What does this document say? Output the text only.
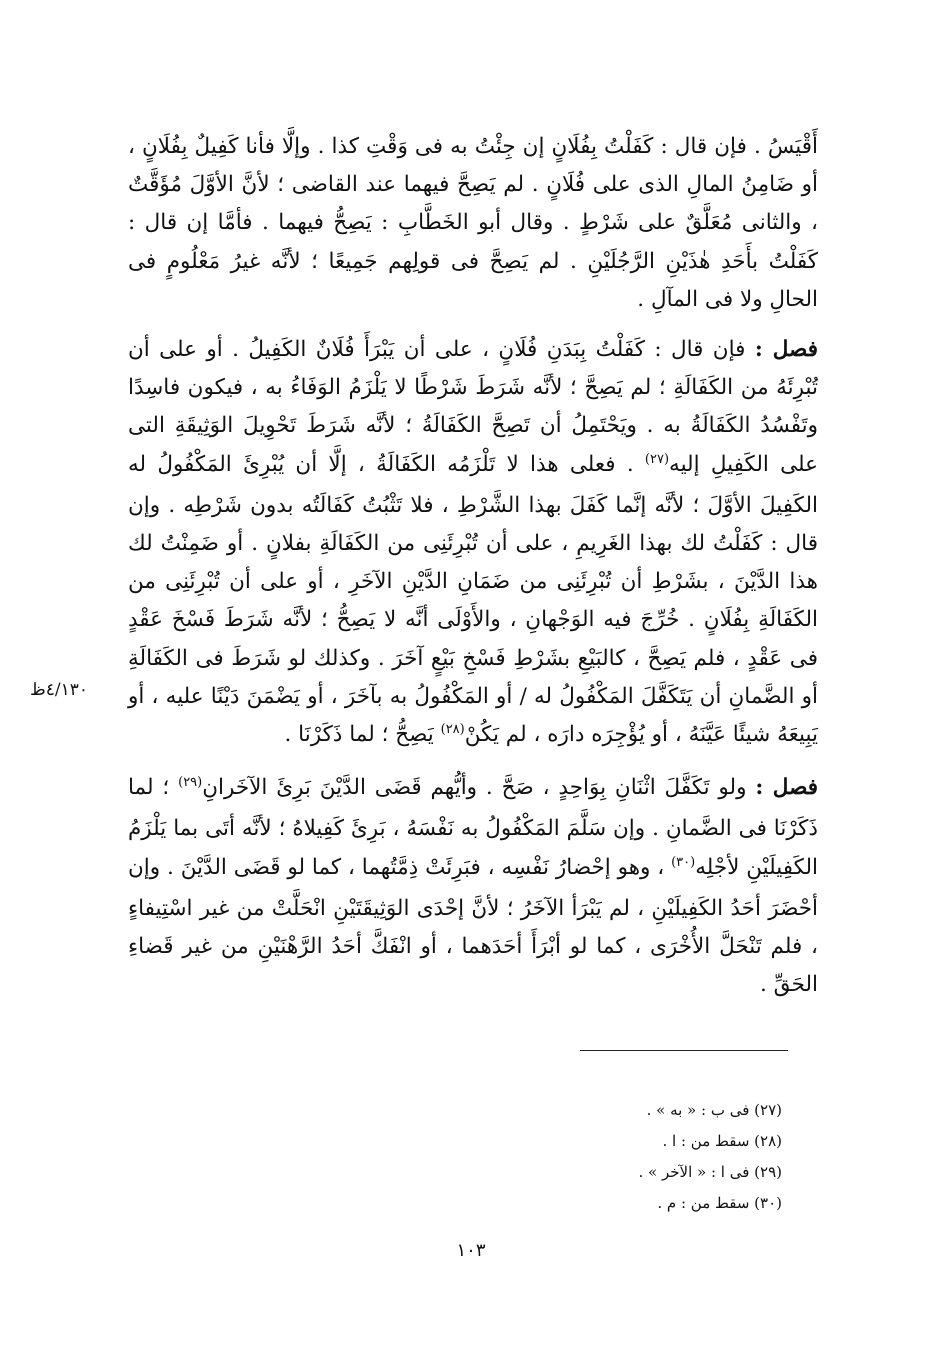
أَقْيَسُ . فإن قال : كَفَلْتُ بِفُلَانٍ إن جِئْتُ به فى وَقْتِ كذا . وإلَّا فأنا كَفِيلٌ بِفُلَانٍ ، أو ضَامِنُ المالِ الذى على فُلَانٍ . لم يَصِحَّ فيهما عند القاضى ؛ لأنَّ الأوَّلَ مُؤَقَّتٌ ، والثانى مُعَلَّقٌ على شَرْطٍ . وقال أبو الخَطَّابِ : يَصِحُّ فيهما . فأمَّا إن قال : كَفَلْتُ بأَحَدِ هٰذَيْنِ الرَّجُلَيْنِ . لم يَصِحَّ فى قولِهم جَمِيعًا ؛ لأنَّه غيرُ مَعْلُومٍ فى الحالِ ولا فى المآلِ .

فصل : فإن قال : كَفَلْتُ بِبَدَنِ فُلَانٍ ، على أن يَبْرَأَ فُلَانٌ الكَفِيلُ . أو على أن تُبْرِئَهُ من الكَفَالَةِ ؛ لم يَصِحَّ ؛ لأنَّه شَرَطَ شَرْطًا لا يَلْزَمُ الوَفَاءُ به ، فيكون فاسِدًا وتَفْسُدُ الكَفَالَةُ به . ويَحْتَمِلُ أن تَصِحَّ الكَفَالَةُ ؛ لأنَّه شَرَطَ تَحْوِيلَ الوَثِيقَةِ التى على الكَفِيلِ إليه$^{(٢٧)}$ . فعلى هذا لا تَلْزَمُه الكَفَالَةُ ، إلَّا أن يُبْرِئَ المَكْفُولُ له الكَفِيلَ الأوَّلَ ؛ لأنَّه إنَّما كَفَلَ بهذا الشَّرْطِ ، فلا تَثْبُتُ كَفَالَتُه بدون شَرْطِه . وإن قال : كَفَلْتُ لك بهذا الغَرِيمِ ، على أن تُبْرِئَنِى من الكَفَالَةِ بفلانٍ . أو ضَمِنْتُ لك هذا الدَّيْنَ ، بشَرْطِ أن تُبْرِئَنِى من ضَمَانِ الدَّيْنِ الآخَرِ ، أو على أن تُبْرِئَنِى من الكَفَالَةِ بِفُلَانٍ . خُرِّجَ فيه الوَجْهانِ ، والأَوْلَى أنَّه لا يَصِحُّ ؛ لأنَّه شَرَطَ فَسْخَ عَقْدٍ فى عَقْدٍ ، فلم يَصِحَّ ، كالبَيْعِ بشَرْطِ فَسْخِ بَيْعٍ آخَرَ . وكذلك لو شَرَطَ فى الكَفَالَةِ أو الضَّمانِ أن يَتَكَفَّلَ المَكْفُولُ له / أو المَكْفُولُ به بآخَرَ ، أو يَضْمَنَ دَيْنًا عليه ، أو يَبِيعَهُ شيئًا عَيَّنَهُ ، أو يُؤْجِرَه دارَه ، لم يَكُنْ$^{(٢٨)}$ يَصِحُّ ؛ لما ذَكَرْنَا .

فصل : ولو تَكَفَّلَ اثْنَانِ بِوَاحِدٍ ، صَحَّ . وأيُّهم قَضَى الدَّيْنَ بَرِئَ الآخَرانِ$^{(٢٩)}$ ؛ لما ذَكَرْنَا فى الضَّمانِ . وإن سَلَّمَ المَكْفُولُ به نَفْسَهُ ، بَرِئَ كَفِيلاهُ ؛ لأنَّه أتَى بما يَلْزَمُ الكَفِيلَيْنِ لأجْلِه$^{(٣٠)}$ ، وهو إحْضارُ نَفْسِه ، فبَرِئَتْ ذِمَّتُهما ، كما لو قَضَى الدَّيْنَ . وإن أحْضَرَ أحَدُ الكَفِيلَيْنِ ، لم يَبْرَأ الآخَرُ ؛ لأنَّ إحْدَى الوَثِيقَتَيْنِ انْحَلَّتْ من غير اسْتِيفاءٍ ، فلم تَنْحَلَّ الأُخْرَى ، كما لو أبْرَأَ أحَدَهما ، أو انْفَكَّ أحَدُ الرَّهْنَيْنِ من غير قَضاءِ الحَقِّ .

٤/١٣٠ظ
(٢٧) فى ب : « به » .
(٢٨) سقط من : ا .
(٢٩) فى ا : « الآخر » .
(٣٠) سقط من : م .
١٠٣
